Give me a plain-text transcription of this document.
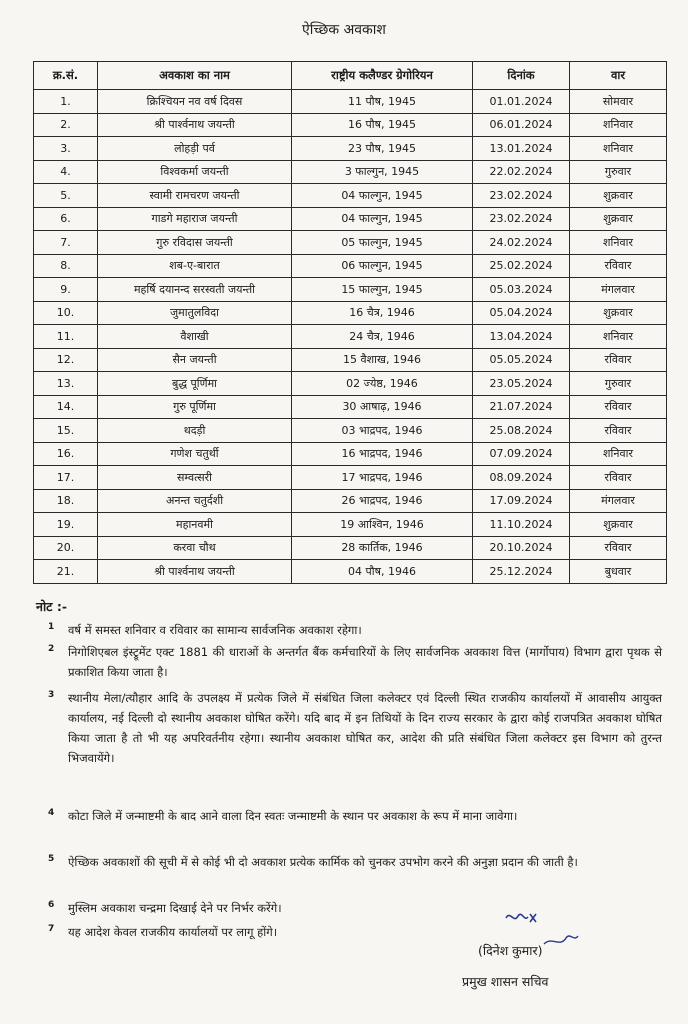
ऐच्छिक अवकाश
क्र.सं.	अवकाश का नाम	राष्ट्रीय कलैण्डर ग्रेगोरियन	दिनांक	वार
1.	क्रिश्चियन नव वर्ष दिवस	11 पौष, 1945	01.01.2024	सोमवार
2.	श्री पार्श्वनाथ जयन्ती	16 पौष, 1945	06.01.2024	शनिवार
3.	लोहड़ी पर्व	23 पौष, 1945	13.01.2024	शनिवार
4.	विश्वकर्मा जयन्ती	3 फाल्गुन, 1945	22.02.2024	गुरुवार
5.	स्वामी रामचरण जयन्ती	04 फाल्गुन, 1945	23.02.2024	शुक्रवार
6.	गाडगे महाराज जयन्ती	04 फाल्गुन, 1945	23.02.2024	शुक्रवार
7.	गुरु रविदास जयन्ती	05 फाल्गुन, 1945	24.02.2024	शनिवार
8.	शब-ए-बारात	06 फाल्गुन, 1945	25.02.2024	रविवार
9.	महर्षि दयानन्द सरस्वती जयन्ती	15 फाल्गुन, 1945	05.03.2024	मंगलवार
10.	जुमातुलविदा	16 चैत्र, 1946	05.04.2024	शुक्रवार
11.	वैशाखी	24 चैत्र, 1946	13.04.2024	शनिवार
12.	सैन जयन्ती	15 वैशाख, 1946	05.05.2024	रविवार
13.	बुद्ध पूर्णिमा	02 ज्येष्ठ, 1946	23.05.2024	गुरुवार
14.	गुरु पूर्णिमा	30 आषाढ़, 1946	21.07.2024	रविवार
15.	थदड़ी	03 भाद्रपद, 1946	25.08.2024	रविवार
16.	गणेश चतुर्थी	16 भाद्रपद, 1946	07.09.2024	शनिवार
17.	सम्वत्सरी	17 भाद्रपद, 1946	08.09.2024	रविवार
18.	अनन्त चतुर्दशी	26 भाद्रपद, 1946	17.09.2024	मंगलवार
19.	महानवमी	19 आश्विन, 1946	11.10.2024	शुक्रवार
20.	करवा चौथ	28 कार्तिक, 1946	20.10.2024	रविवार
21.	श्री पार्श्वनाथ जयन्ती	04 पौष, 1946	25.12.2024	बुधवार
नोट :-
1 वर्ष में समस्त शनिवार व रविवार का सामान्य सार्वजनिक अवकाश रहेगा।
2 निगोशिएबल इंस्ट्रूमेंट एक्ट 1881 की धाराओं के अन्तर्गत बैंक कर्मचारियों के लिए सार्वजनिक अवकाश वित्त (मार्गोपाय) विभाग द्वारा पृथक से प्रकाशित किया जाता है।
3 स्थानीय मेला/त्यौहार आदि के उपलक्ष्य में प्रत्येक जिले में संबंधित जिला कलेक्टर एवं दिल्ली स्थित राजकीय कार्यालयों में आवासीय आयुक्त कार्यालय, नई दिल्ली दो स्थानीय अवकाश घोषित करेंगे। यदि बाद में इन तिथियों के दिन राज्य सरकार के द्वारा कोई राजपत्रित अवकाश घोषित किया जाता है तो भी यह अपरिवर्तनीय रहेगा। स्थानीय अवकाश घोषित कर, आदेश की प्रति संबंधित जिला कलेक्टर इस विभाग को तुरन्त भिजवायेंगे।
4 कोटा जिले में जन्माष्टमी के बाद आने वाला दिन स्वतः जन्माष्टमी के स्थान पर अवकाश के रूप में माना जावेगा।
5 ऐच्छिक अवकाशों की सूची में से कोई भी दो अवकाश प्रत्येक कार्मिक को चुनकर उपभोग करने की अनुज्ञा प्रदान की जाती है।
6 मुस्लिम अवकाश चन्द्रमा दिखाई देने पर निर्भर करेंगे।
7 यह आदेश केवल राजकीय कार्यालयों पर लागू होंगे।
(दिनेश कुमार)
प्रमुख शासन सचिव
